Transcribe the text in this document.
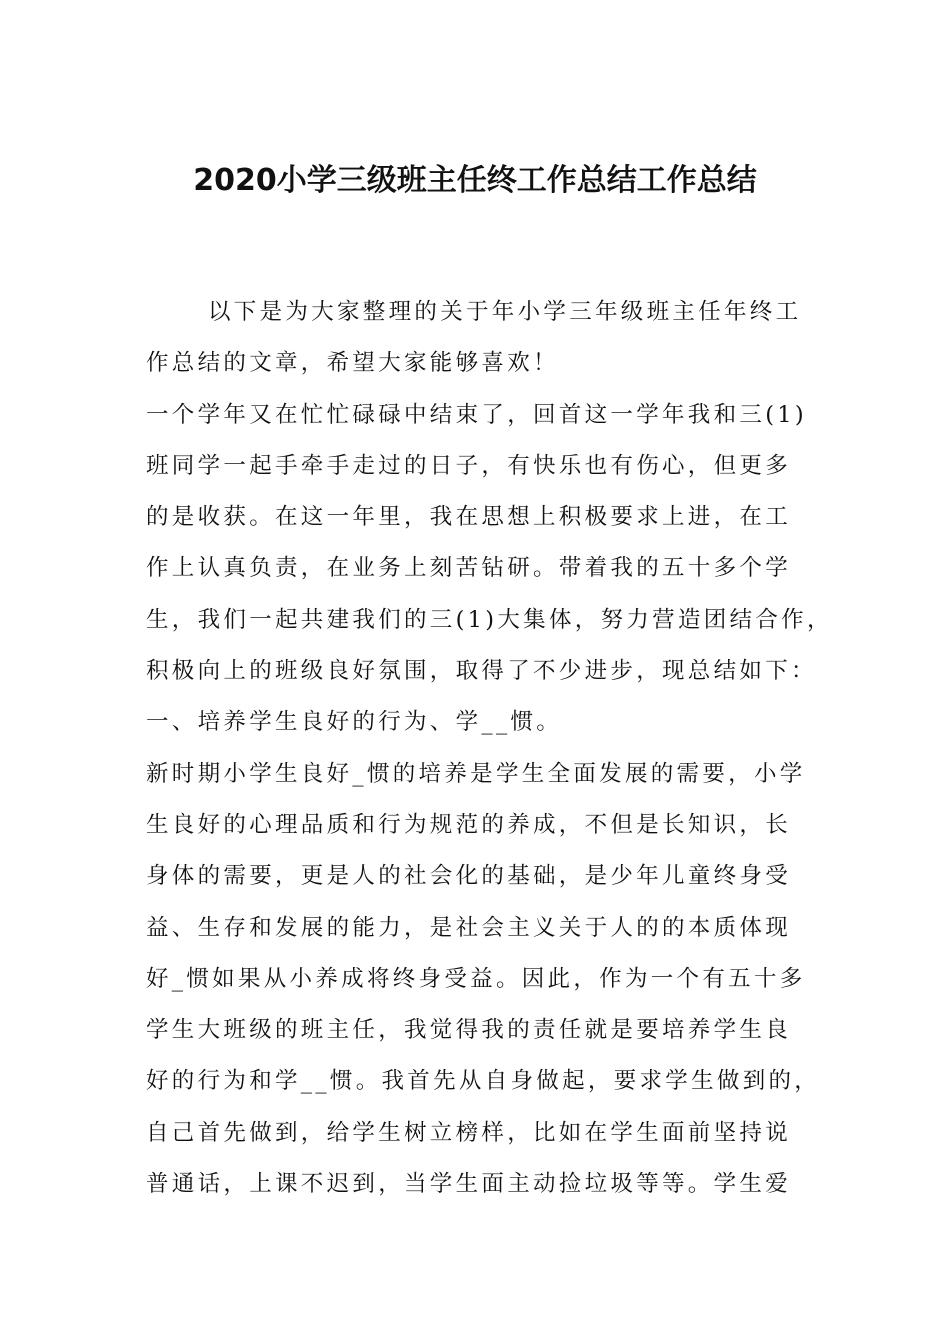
2020小学三级班主任终工作总结工作总结
以下是为大家整理的关于年小学三年级班主任年终工
作总结的文章，希望大家能够喜欢！
一个学年又在忙忙碌碌中结束了，回首这一学年我和三(1)
班同学一起手牵手走过的日子，有快乐也有伤心，但更多
的是收获。在这一年里，我在思想上积极要求上进，在工
作上认真负责，在业务上刻苦钻研。带着我的五十多个学
生，我们一起共建我们的三(1)大集体，努力营造团结合作，
积极向上的班级良好氛围，取得了不少进步，现总结如下：
一、培养学生良好的行为、学__惯。
新时期小学生良好_惯的培养是学生全面发展的需要，小学
生良好的心理品质和行为规范的养成，不但是长知识，长
身体的需要，更是人的社会化的基础，是少年儿童终身受
益、生存和发展的能力，是社会主义关于人的的本质体现
好_惯如果从小养成将终身受益。因此，作为一个有五十多
学生大班级的班主任，我觉得我的责任就是要培养学生良
好的行为和学__惯。我首先从自身做起，要求学生做到的，
自己首先做到，给学生树立榜样，比如在学生面前坚持说
普通话，上课不迟到，当学生面主动捡垃圾等等。学生爱
